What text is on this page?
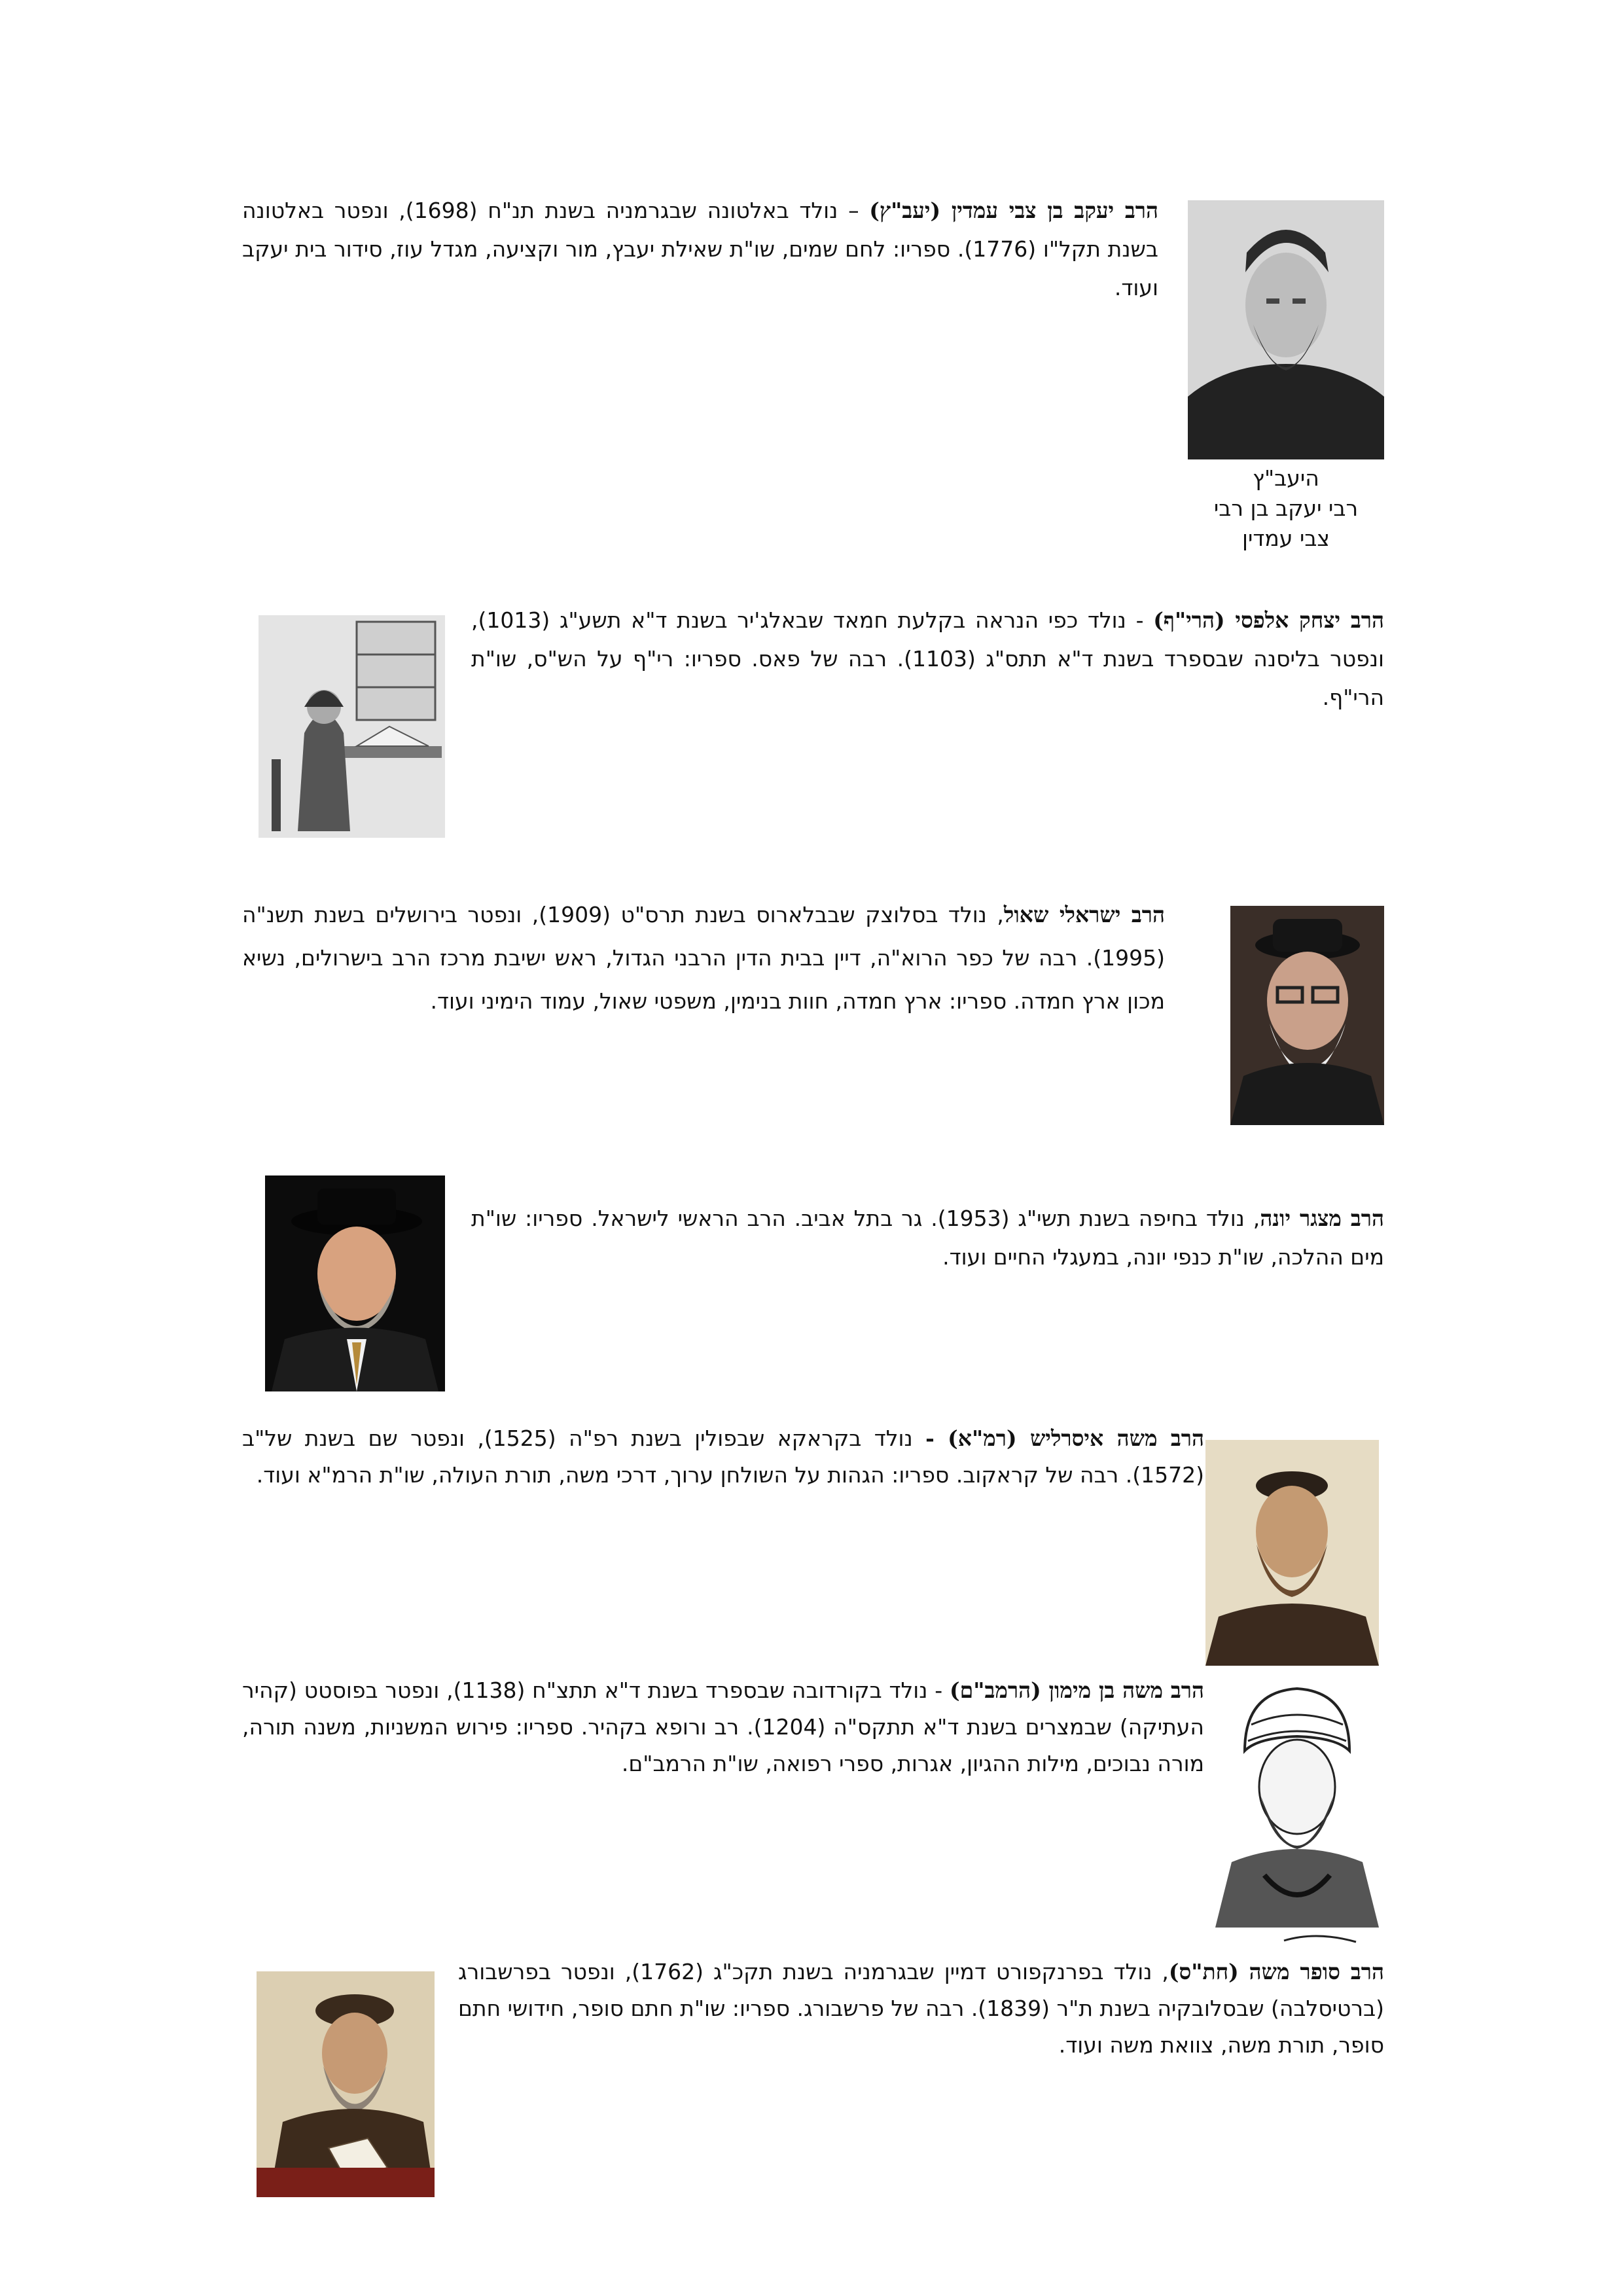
הרב יעקב בן צבי עמדין (יעב"ץ) – נולד באלטונה שבגרמניה בשנת תנ"ח (1698), ונפטר באלטונה בשנת תקל"ו (1776). ספריו: לחם שמים, שו"ת שאילת יעבץ, מור וקציעה, מגדל עוז, סידור בית יעקב ועוד.
היעב"ץ
רבי יעקב בן רבי
צבי עמדין
הרב יצחק אלפסי (הרי"ף) - נולד כפי הנראה בקלעת חמאד שבאלג'יר בשנת ד"א תשע"ג (1013), ונפטר בליסנה שבספרד בשנת ד"א תתס"ג (1103). רבה של פאס. ספריו: רי"ף על הש"ס, שו"ת הרי"ף.
הרב ישראלי שאול, נולד בסלוצק שבבלארוס בשנת תרס"ט (1909), ונפטר בירושלים בשנת תשנ"ה (1995). רבה של כפר הרוא"ה, דיין בבית הדין הרבני הגדול, ראש ישיבת מרכז הרב בישרולים, נשיא מכון ארץ חמדה. ספריו: ארץ חמדה, חוות בנימין, משפטי שאול, עמוד הימיני ועוד.
הרב מצגר יונה, נולד בחיפה בשנת תשי"ג (1953). גר בתל אביב. הרב הראשי לישראל. ספריו: שו"ת מים ההלכה, שו"ת כנפי יונה, במעגלי החיים ועוד.
הרב משה איסרליש (רמ"א) - נולד בקראקא שבפולין בשנת רפ"ה (1525), ונפטר שם בשנת של"ב (1572). רבה של קראקוב. ספריו: הגהות על השולחן ערוך, דרכי משה, תורת העולה, שו"ת הרמ"א ועוד.
הרב משה בן מימון (הרמב"ם) - נולד בקורדובה שבספרד בשנת ד"א תתצ"ח (1138), ונפטר בפוסטט (קהיר העתיקה) שבמצרים בשנת ד"א תתקס"ה (1204). רב ורופא בקהיר. ספריו: פירוש המשניות, משנה תורה, מורה נבוכים, מילות ההגיון, אגרות, ספרי רפואה, שו"ת הרמב"ם.
הרב סופר משה (חת"ס), נולד בפרנקפורט דמיין שבגרמניה בשנת תקכ"ג (1762), ונפטר בפרשבורג (ברטיסלבה) שבסלובקיה בשנת ת"ר (1839). רבה של פרשבורג. ספריו: שו"ת חתם סופר, חידושי חתם סופר, תורת משה, צוואת משה ועוד.
